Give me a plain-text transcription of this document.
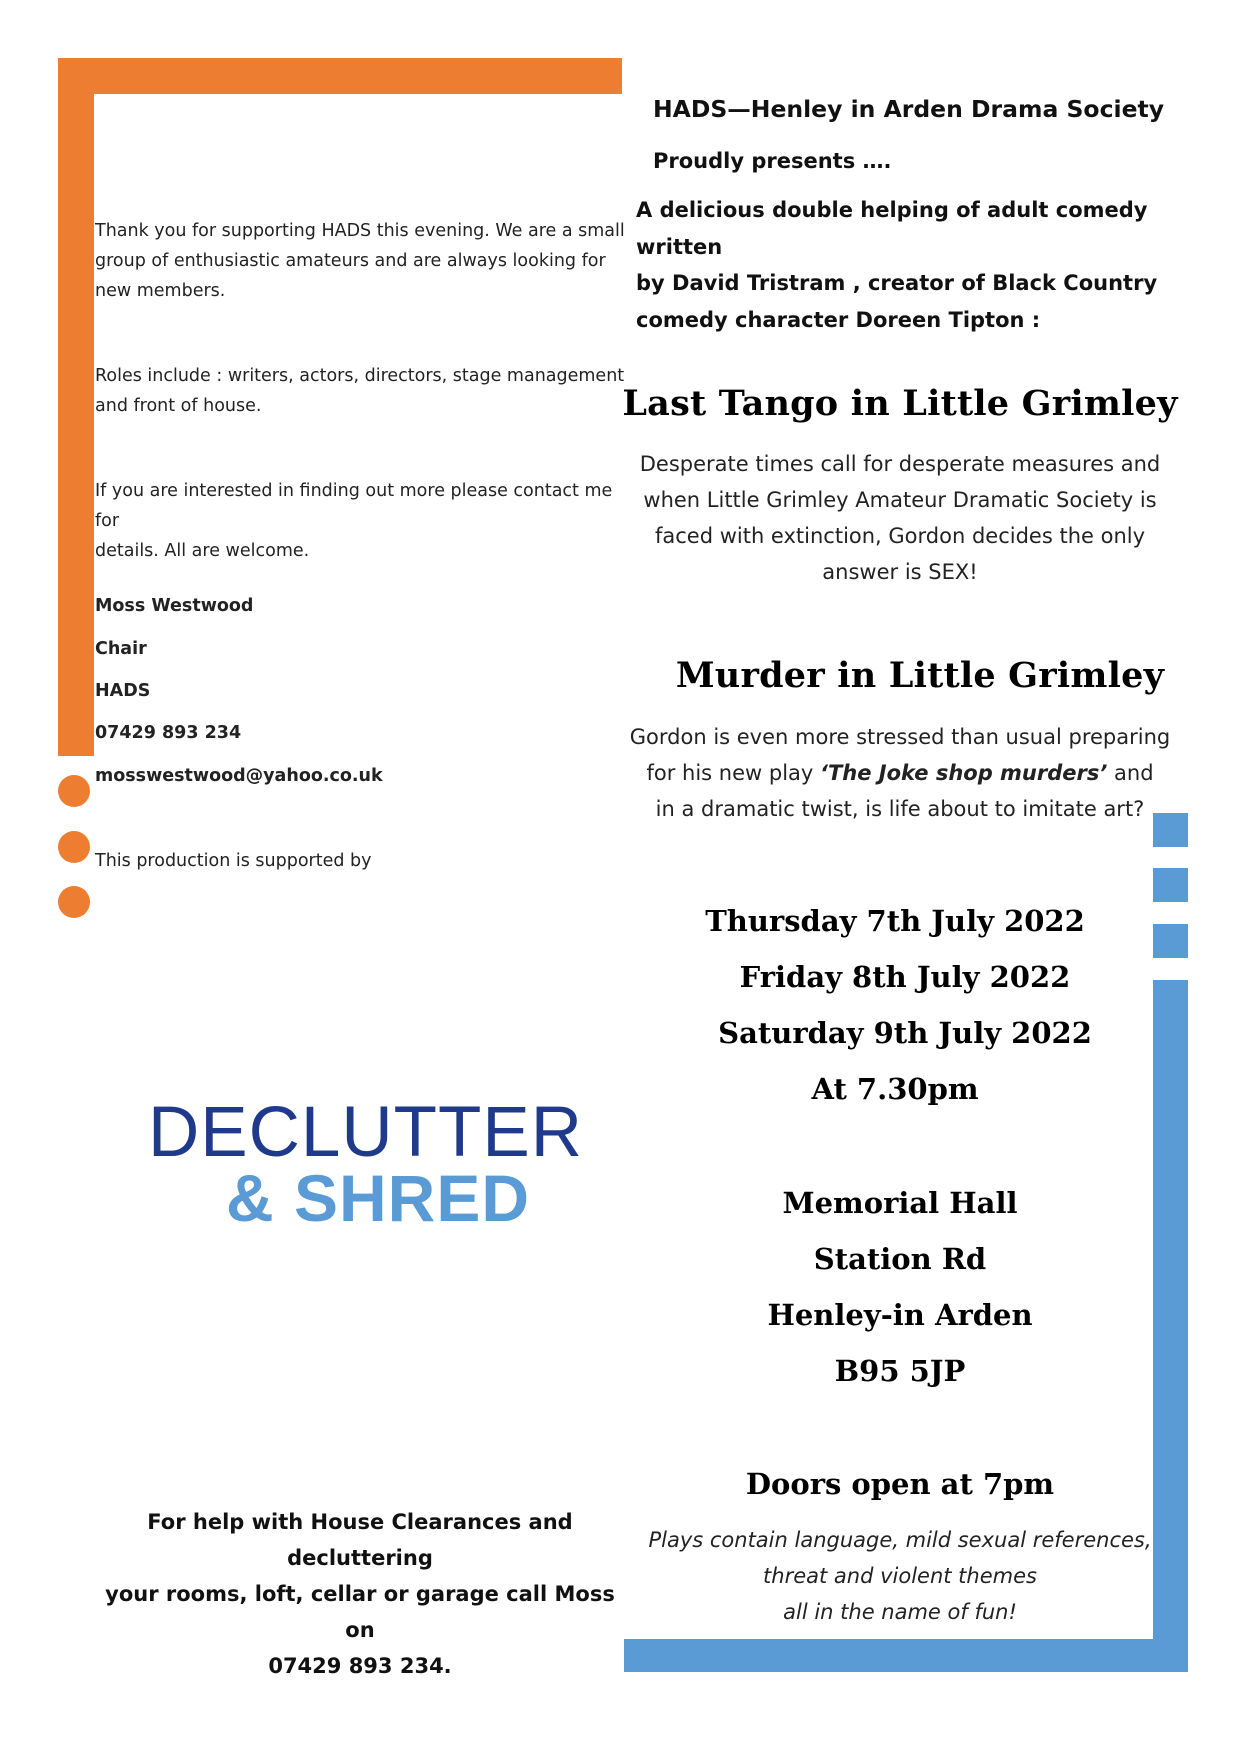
Thank you for supporting HADS this evening. We are a small
group of enthusiastic amateurs and are always looking for
new members.
Roles include : writers, actors, directors, stage management
and front of house.
If you are interested in finding out more please contact me for
details. All are welcome.
Moss Westwood
Chair
HADS
07429 893 234
mosswestwood@yahoo.co.uk
This production is supported by
DECLUTTER
& SHRED
For help with House Clearances and decluttering
your rooms, loft, cellar or garage call Moss on
07429 893 234.
HADS—Henley in Arden Drama Society
Proudly presents ….
A delicious double helping of adult comedy written
by David Tristram , creator of Black Country
comedy character Doreen Tipton :
Last Tango in Little Grimley
Desperate times call for desperate measures and
when Little Grimley Amateur Dramatic Society is
faced with extinction, Gordon decides the only
answer is SEX!
Murder in Little Grimley
Gordon is even more stressed than usual preparing
for his new play ‘The Joke shop murders’ and
in a dramatic twist, is life about to imitate art?
Thursday 7th July 2022
Friday 8th July 2022
Saturday 9th July 2022
At 7.30pm
Memorial Hall
Station Rd
Henley-in Arden
B95 5JP
Doors open at 7pm
Plays contain language, mild sexual references,
threat and violent themes
all in the name of fun!
